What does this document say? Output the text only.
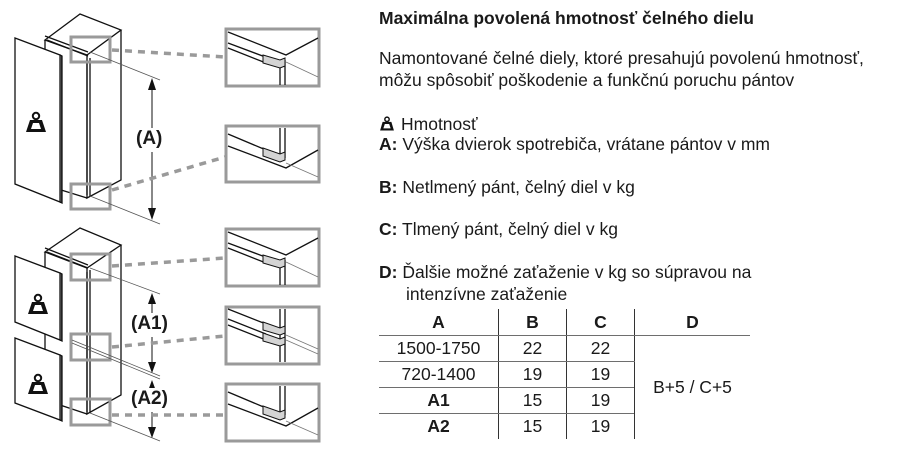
(A)
(A1)
(A2)
Maximálna povolená hmotnosť čelného dielu
Namontované čelné diely, ktoré presahujú povolenú hmotnosť, môžu spôsobiť poškodenie a funkčnú poruchu pántov
Hmotnosť
A: Výška dvierok spotrebiča, vrátane pántov v mm
B: Netlmený pánt, čelný diel v kg
C: Tlmený pánt, čelný diel v kg
D: Ďalšie možné zaťaženie v kg so súpravou na
intenzívne zaťaženie
A	B	C	D
1500-1750	22	22	B+5 / C+5
720-1400	19	19	
A1	15	19	
A2	15	19	
